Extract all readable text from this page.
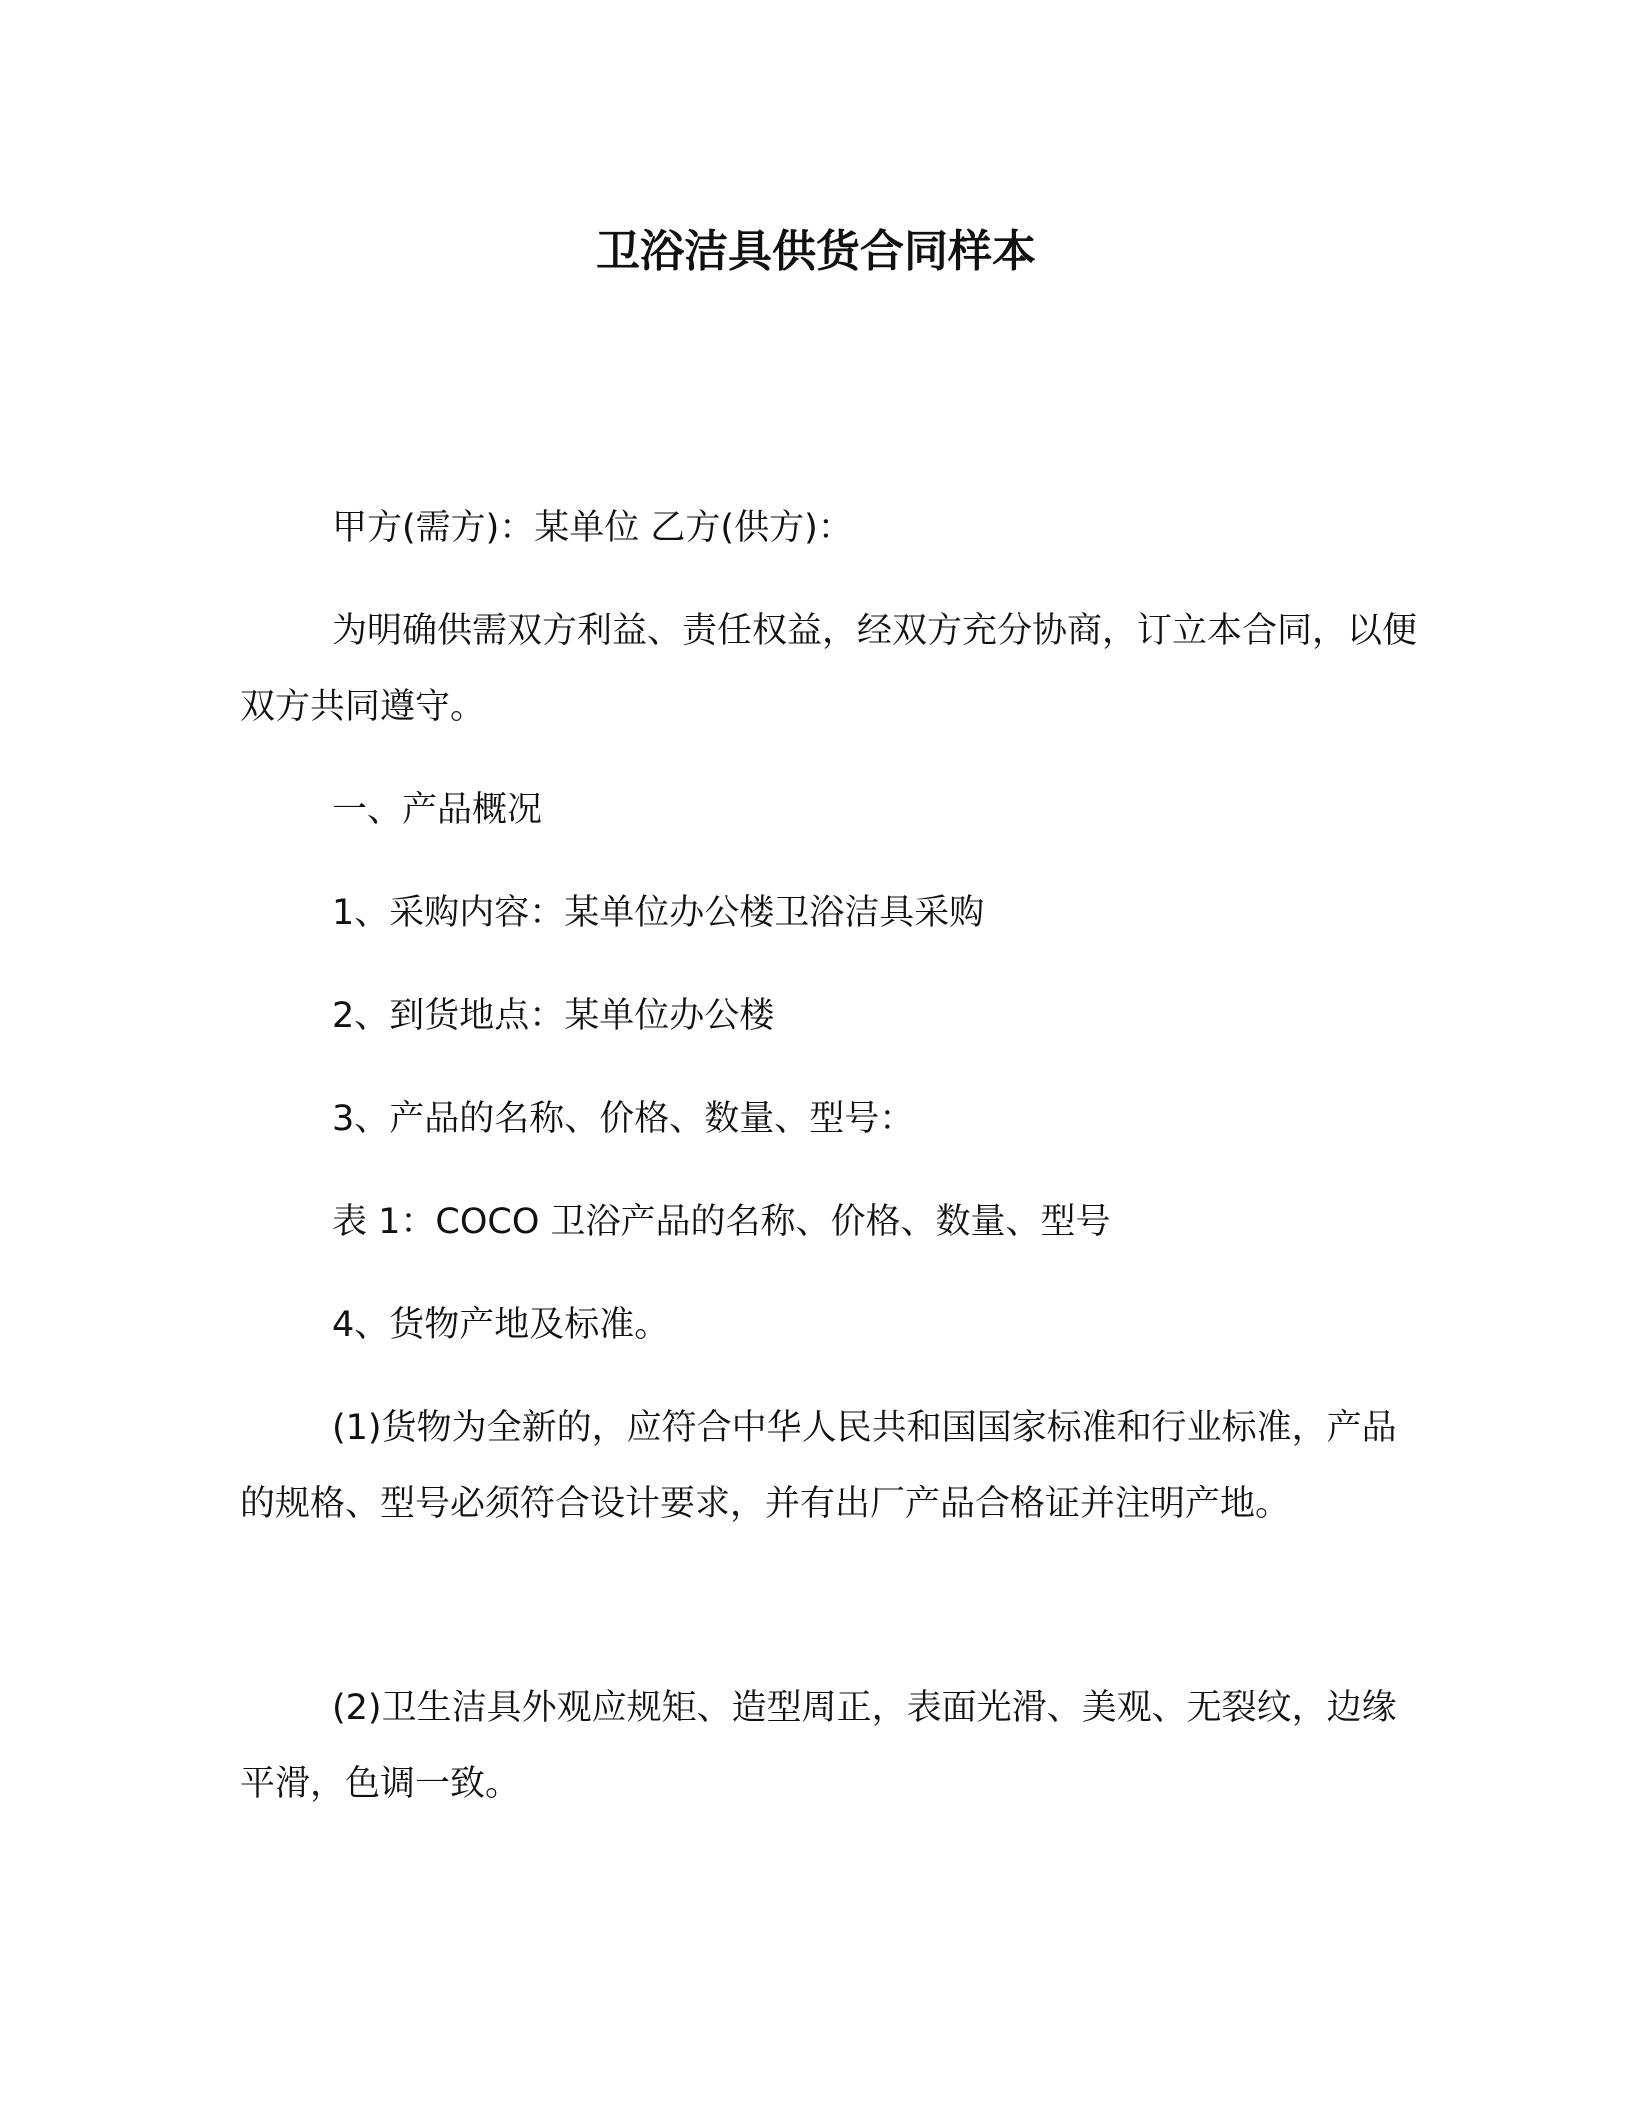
卫浴洁具供货合同样本

甲方(需方)：某单位 乙方(供方)：

为明确供需双方利益、责任权益，经双方充分协商，订立本合同，以便双方共同遵守。

一、产品概况

1、采购内容：某单位办公楼卫浴洁具采购

2、到货地点：某单位办公楼

3、产品的名称、价格、数量、型号：

表 1：COCO 卫浴产品的名称、价格、数量、型号

4、货物产地及标准。

(1)货物为全新的，应符合中华人民共和国国家标准和行业标准，产品的规格、型号必须符合设计要求，并有出厂产品合格证并注明产地。

(2)卫生洁具外观应规矩、造型周正，表面光滑、美观、无裂纹，边缘平滑，色调一致。
